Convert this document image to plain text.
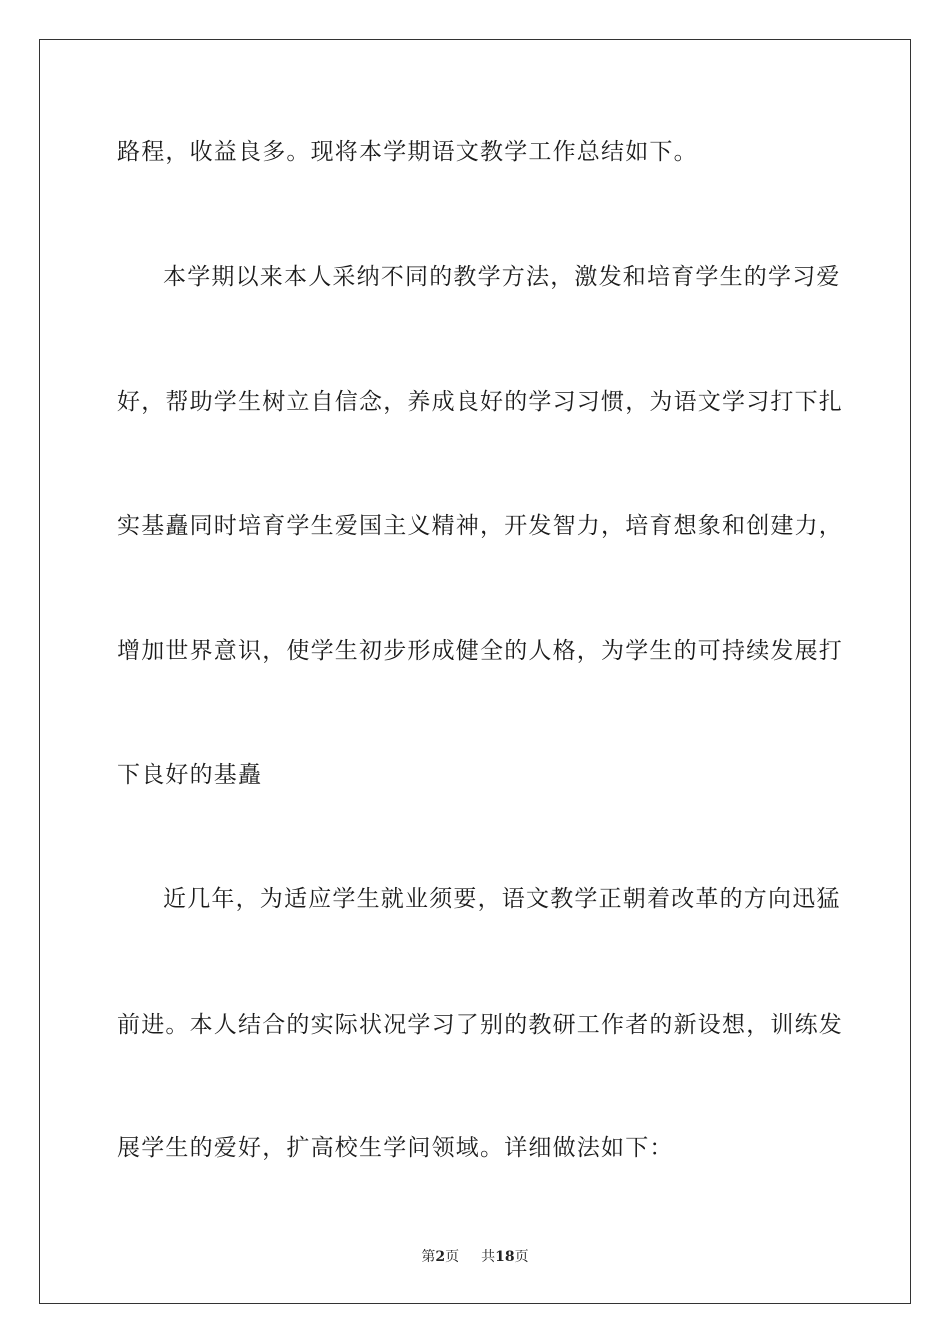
路程，收益良多。现将本学期语文教学工作总结如下。
本学期以来本人采纳不同的教学方法，激发和培育学生的学习爱
好，帮助学生树立自信念，养成良好的学习习惯，为语文学习打下扎
实基矗同时培育学生爱国主义精神，开发智力，培育想象和创建力，
增加世界意识，使学生初步形成健全的人格，为学生的可持续发展打
下良好的基矗
近几年，为适应学生就业须要，语文教学正朝着改革的方向迅猛
前进。本人结合的实际状况学习了别的教研工作者的新设想，训练发
展学生的爱好，扩高校生学问领域。详细做法如下：
第2页 共18页
